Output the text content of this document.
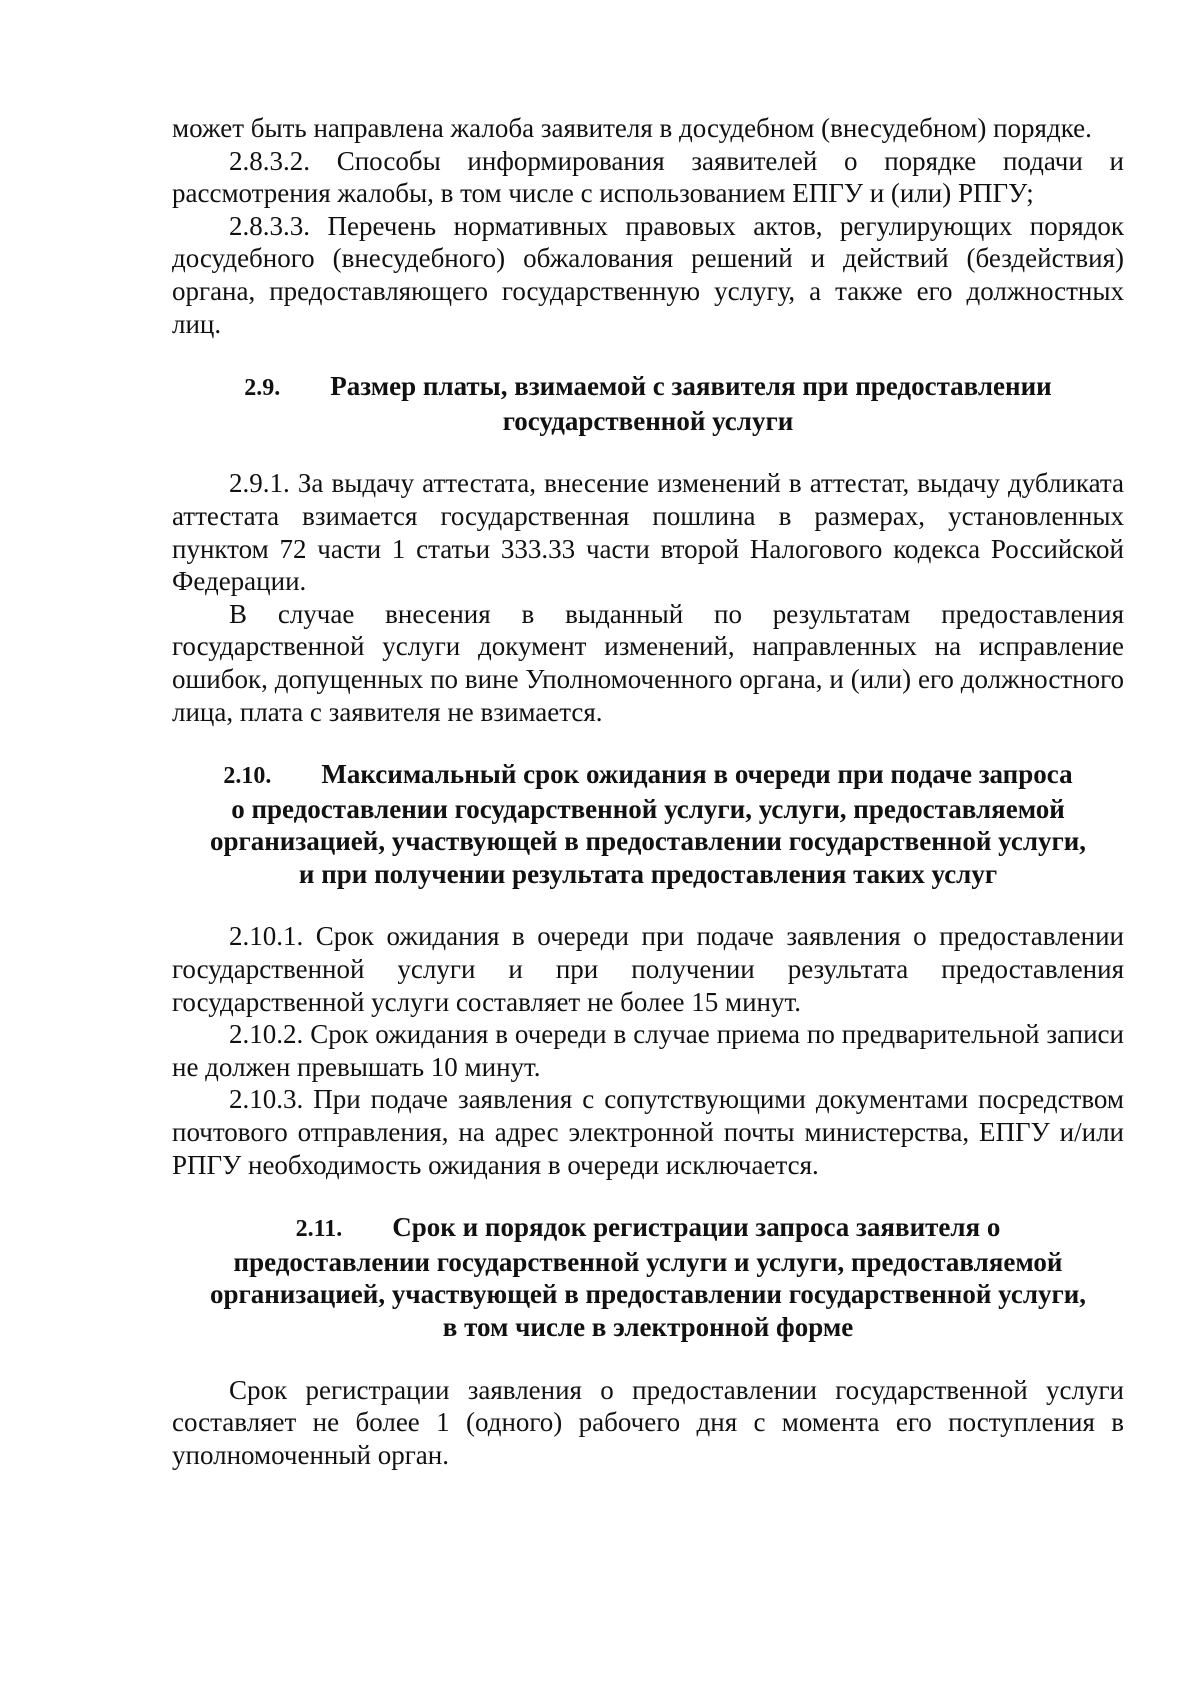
может быть направлена жалоба заявителя в досудебном (внесудебном) порядке.

2.8.3.2. Способы информирования заявителей о порядке подачи и рассмотрения жалобы, в том числе с использованием ЕПГУ и (или) РПГУ;

2.8.3.3. Перечень нормативных правовых актов, регулирующих порядок досудебного (внесудебного) обжалования решений и действий (бездействия) органа, предоставляющего государственную услугу, а также его должностных лиц.

2.9. Размер платы, взимаемой с заявителя при предоставлении
государственной услуги

2.9.1. За выдачу аттестата, внесение изменений в аттестат, выдачу дубликата аттестата взимается государственная пошлина в размерах, установленных пунктом 72 части 1 статьи 333.33 части второй Налогового кодекса Российской Федерации.

В случае внесения в выданный по результатам предоставления государственной услуги документ изменений, направленных на исправление ошибок, допущенных по вине Уполномоченного органа, и (или) его должностного лица, плата с заявителя не взимается.

2.10. Максимальный срок ожидания в очереди при подаче запроса
о предоставлении государственной услуги, услуги, предоставляемой
организацией, участвующей в предоставлении государственной услуги,
и при получении результата предоставления таких услуг

2.10.1. Срок ожидания в очереди при подаче заявления о предоставлении государственной услуги и при получении результата предоставления государственной услуги составляет не более 15 минут.

2.10.2. Срок ожидания в очереди в случае приема по предварительной записи не должен превышать 10 минут.

2.10.3. При подаче заявления с сопутствующими документами посредством почтового отправления, на адрес электронной почты министерства, ЕПГУ и/или РПГУ необходимость ожидания в очереди исключается.

2.11. Срок и порядок регистрации запроса заявителя о
предоставлении государственной услуги и услуги, предоставляемой
организацией, участвующей в предоставлении государственной услуги,
в том числе в электронной форме

Срок регистрации заявления о предоставлении государственной услуги составляет не более 1 (одного) рабочего дня с момента его поступления в уполномоченный орган.
